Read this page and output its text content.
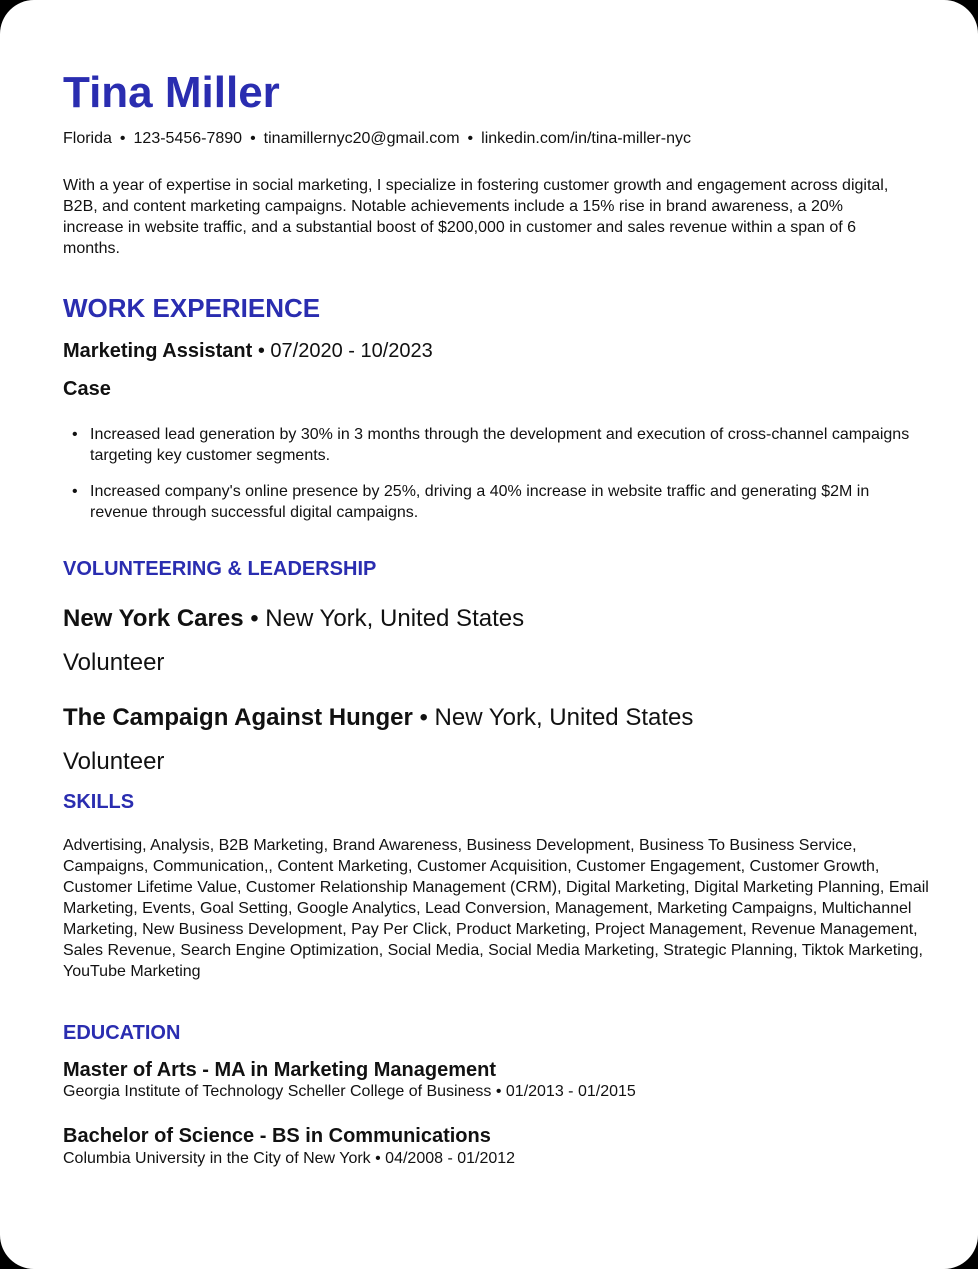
Tina Miller
Florida • 123-5456-7890 • tinamillernyc20@gmail.com • linkedin.com/in/tina-miller-nyc
With a year of expertise in social marketing, I specialize in fostering customer growth and engagement across digital, B2B, and content marketing campaigns. Notable achievements include a 15% rise in brand awareness, a 20% increase in website traffic, and a substantial boost of $200,000 in customer and sales revenue within a span of 6 months.
WORK EXPERIENCE
Marketing Assistant • 07/2020 - 10/2023
Case
• Increased lead generation by 30% in 3 months through the development and execution of cross-channel campaigns targeting key customer segments.
• Increased company's online presence by 25%, driving a 40% increase in website traffic and generating $2M in revenue through successful digital campaigns.
VOLUNTEERING & LEADERSHIP
New York Cares • New York, United States
Volunteer
The Campaign Against Hunger • New York, United States
Volunteer
SKILLS
Advertising, Analysis, B2B Marketing, Brand Awareness, Business Development, Business To Business Service, Campaigns, Communication,, Content Marketing, Customer Acquisition, Customer Engagement, Customer Growth, Customer Lifetime Value, Customer Relationship Management (CRM), Digital Marketing, Digital Marketing Planning, Email Marketing, Events, Goal Setting, Google Analytics, Lead Conversion, Management, Marketing Campaigns, Multichannel Marketing, New Business Development, Pay Per Click, Product Marketing, Project Management, Revenue Management, Sales Revenue, Search Engine Optimization, Social Media, Social Media Marketing, Strategic Planning, Tiktok Marketing, YouTube Marketing
EDUCATION
Master of Arts - MA in Marketing Management
Georgia Institute of Technology Scheller College of Business • 01/2013 - 01/2015
Bachelor of Science - BS in Communications
Columbia University in the City of New York • 04/2008 - 01/2012
